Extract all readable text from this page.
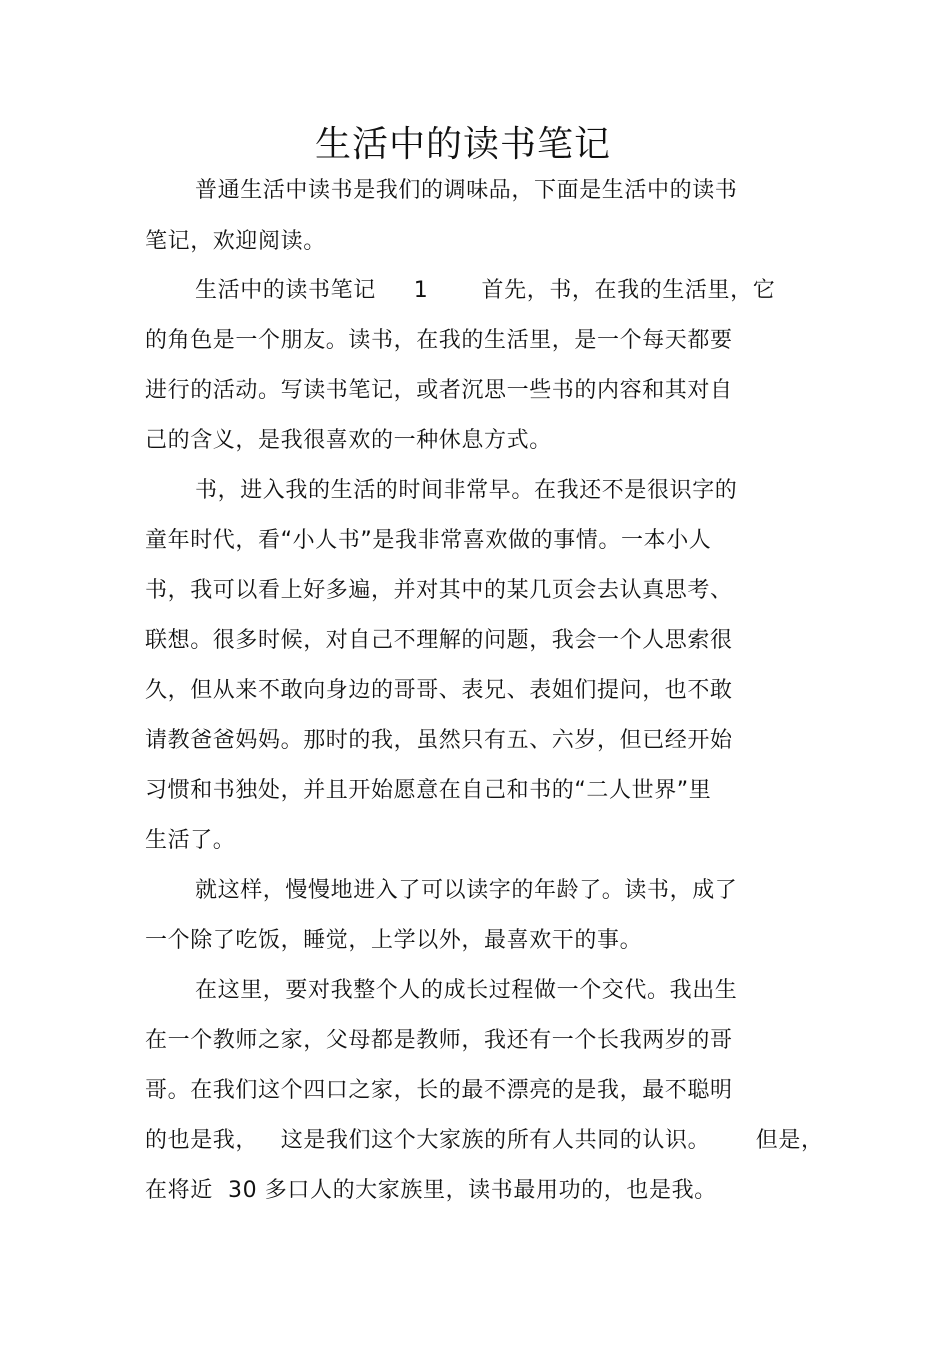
生活中的读书笔记
普通生活中读书是我们的调味品，下面是生活中的读书
笔记，欢迎阅读。
生活中的读书笔记     1       首先，书，在我的生活里，它
的角色是一个朋友。读书，在我的生活里，是一个每天都要
进行的活动。写读书笔记，或者沉思一些书的内容和其对自
己的含义，是我很喜欢的一种休息方式。
书，进入我的生活的时间非常早。在我还不是很识字的
童年时代，看“小人书”是我非常喜欢做的事情。一本小人
书，我可以看上好多遍，并对其中的某几页会去认真思考、
联想。很多时候，对自己不理解的问题，我会一个人思索很
久，但从来不敢向身边的哥哥、表兄、表姐们提问，也不敢
请教爸爸妈妈。那时的我，虽然只有五、六岁，但已经开始
习惯和书独处，并且开始愿意在自己和书的“二人世界”里
生活了。
就这样，慢慢地进入了可以读字的年龄了。读书，成了
一个除了吃饭，睡觉，上学以外，最喜欢干的事。
在这里，要对我整个人的成长过程做一个交代。我出生
在一个教师之家，父母都是教师，我还有一个长我两岁的哥
哥。在我们这个四口之家，长的最不漂亮的是我，最不聪明
的也是我，   这是我们这个大家族的所有人共同的认识。      但是，
在将近  30 多口人的大家族里，读书最用功的，也是我。
